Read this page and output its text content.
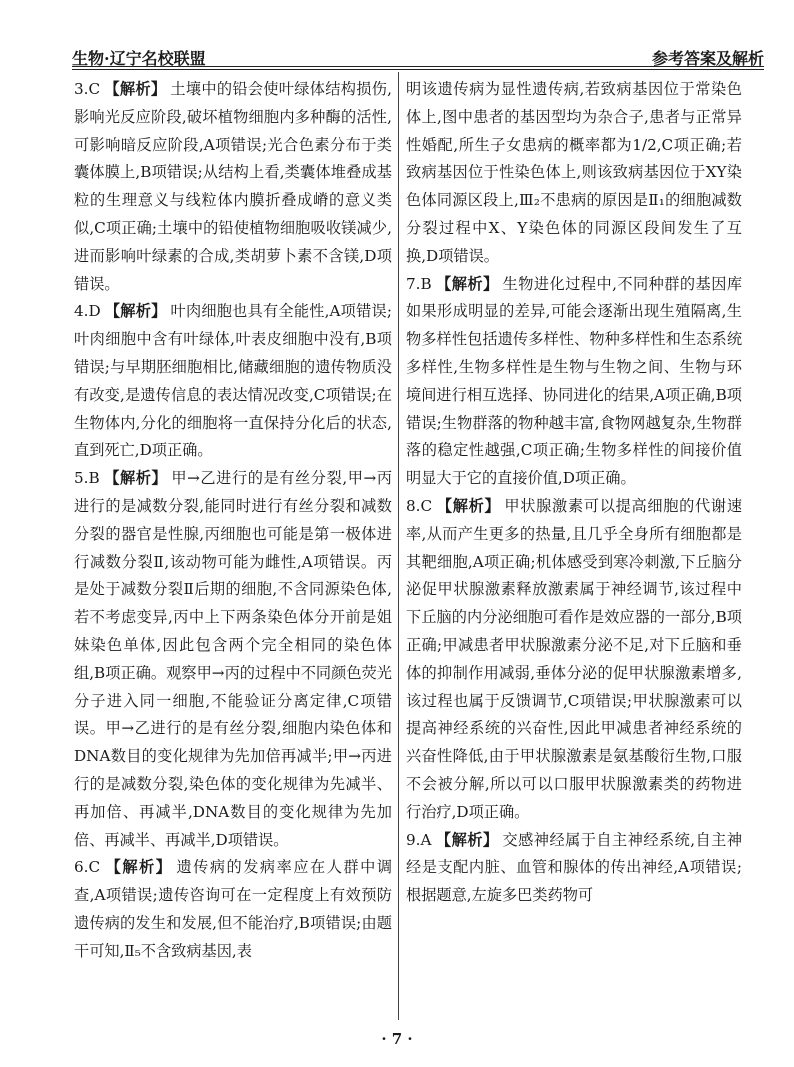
生物·辽宁名校联盟	参考答案及解析

3.C 【解析】 土壤中的铅会使叶绿体结构损伤,影响光反应阶段,破坏植物细胞内多种酶的活性,可影响暗反应阶段,A项错误;光合色素分布于类囊体膜上,B项错误;从结构上看,类囊体堆叠成基粒的生理意义与线粒体内膜折叠成嵴的意义类似,C项正确;土壤中的铅使植物细胞吸收镁减少,进而影响叶绿素的合成,类胡萝卜素不含镁,D项错误。

4.D 【解析】 叶肉细胞也具有全能性,A项错误;叶肉细胞中含有叶绿体,叶表皮细胞中没有,B项错误;与早期胚细胞相比,储藏细胞的遗传物质没有改变,是遗传信息的表达情况改变,C项错误;在生物体内,分化的细胞将一直保持分化后的状态,直到死亡,D项正确。

5.B 【解析】 甲→乙进行的是有丝分裂,甲→丙进行的是减数分裂,能同时进行有丝分裂和减数分裂的器官是性腺,丙细胞也可能是第一极体进行减数分裂Ⅱ,该动物可能为雌性,A项错误。丙是处于减数分裂Ⅱ后期的细胞,不含同源染色体,若不考虑变异,丙中上下两条染色体分开前是姐妹染色单体,因此包含两个完全相同的染色体组,B项正确。观察甲→丙的过程中不同颜色荧光分子进入同一细胞,不能验证分离定律,C项错误。甲→乙进行的是有丝分裂,细胞内染色体和DNA数目的变化规律为先加倍再减半;甲→丙进行的是减数分裂,染色体的变化规律为先减半、再加倍、再减半,DNA数目的变化规律为先加倍、再减半、再减半,D项错误。

6.C 【解析】 遗传病的发病率应在人群中调查,A项错误;遗传咨询可在一定程度上有效预防遗传病的发生和发展,但不能治疗,B项错误;由题干可知,Ⅱ₅不含致病基因,表

明该遗传病为显性遗传病,若致病基因位于常染色体上,图中患者的基因型均为杂合子,患者与正常异性婚配,所生子女患病的概率都为1/2,C项正确;若致病基因位于性染色体上,则该致病基因位于XY染色体同源区段上,Ⅲ₂不患病的原因是Ⅱ₁的细胞减数分裂过程中X、Y染色体的同源区段间发生了互换,D项错误。

7.B 【解析】 生物进化过程中,不同种群的基因库如果形成明显的差异,可能会逐渐出现生殖隔离,生物多样性包括遗传多样性、物种多样性和生态系统多样性,生物多样性是生物与生物之间、生物与环境间进行相互选择、协同进化的结果,A项正确,B项错误;生物群落的物种越丰富,食物网越复杂,生物群落的稳定性越强,C项正确;生物多样性的间接价值明显大于它的直接价值,D项正确。

8.C 【解析】 甲状腺激素可以提高细胞的代谢速率,从而产生更多的热量,且几乎全身所有细胞都是其靶细胞,A项正确;机体感受到寒冷刺激,下丘脑分泌促甲状腺激素释放激素属于神经调节,该过程中下丘脑的内分泌细胞可看作是效应器的一部分,B项正确;甲减患者甲状腺激素分泌不足,对下丘脑和垂体的抑制作用减弱,垂体分泌的促甲状腺激素增多,该过程也属于反馈调节,C项错误;甲状腺激素可以提高神经系统的兴奋性,因此甲减患者神经系统的兴奋性降低,由于甲状腺激素是氨基酸衍生物,口服不会被分解,所以可以口服甲状腺激素类的药物进行治疗,D项正确。

9.A 【解析】 交感神经属于自主神经系统,自主神经是支配内脏、血管和腺体的传出神经,A项错误;根据题意,左旋多巴类药物可

· 7 ·
